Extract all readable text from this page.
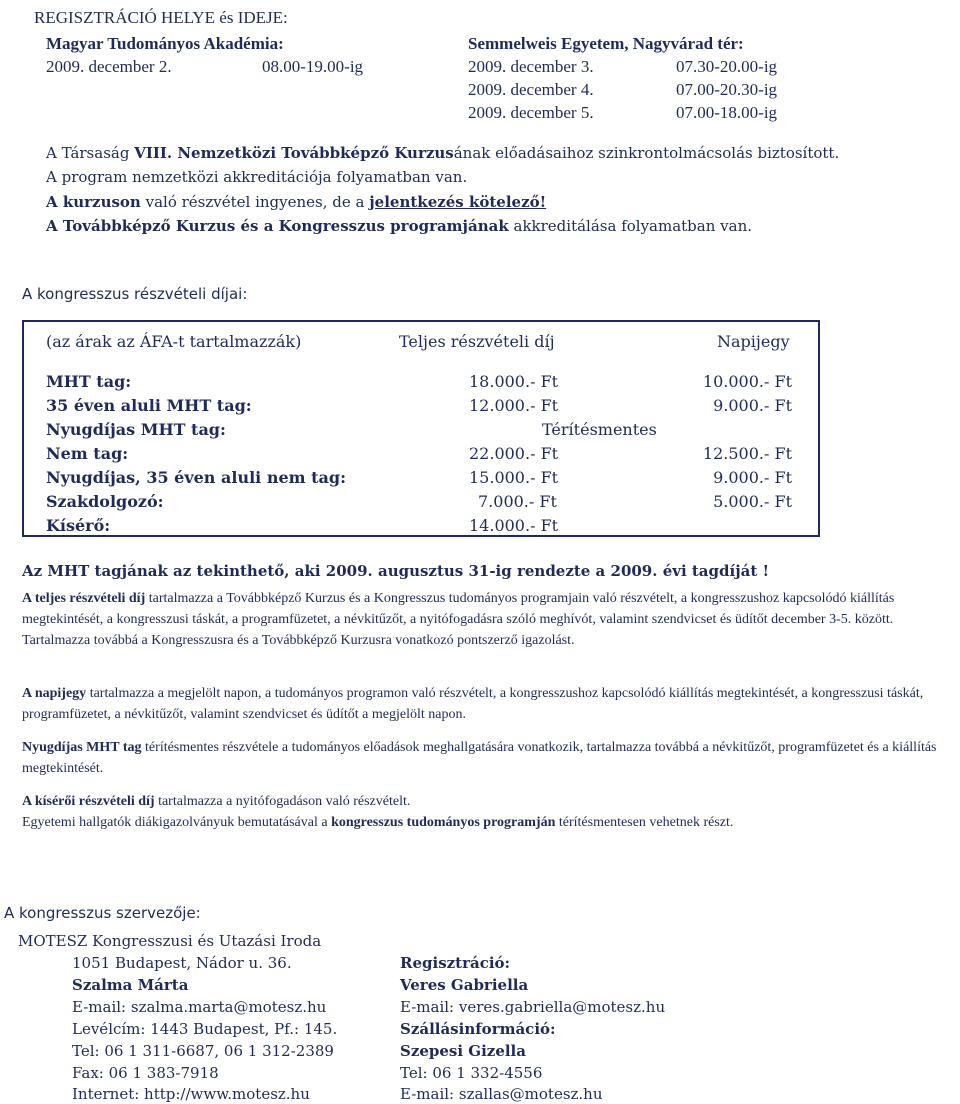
REGISZTRÁCIÓ HELYE és IDEJE:
Magyar Tudományos Akadémia:
2009. december 2.	08.00-19.00-ig
Semmelweis Egyetem, Nagyvárad tér:
2009. december 3.	07.30-20.00-ig
2009. december 4.	07.00-20.30-ig
2009. december 5.	07.00-18.00-ig
A Társaság VIII. Nemzetközi Továbbképző Kurzusának előadásaihoz szinkrontolmácsolás biztosított.
A program nemzetközi akkreditációja folyamatban van.
A kurzuson való részvétel ingyenes, de a jelentkezés kötelező!
A Továbbképző Kurzus és a Kongresszus programjának akkreditálása folyamatban van.
A kongresszus részvételi díjai:
(az árak az ÁFA-t tartalmazzák)	Teljes részvételi díj	Napijegy
MHT tag:	18.000.- Ft	10.000.- Ft
35 éven aluli MHT tag:	12.000.- Ft	9.000.- Ft
Nyugdíjas MHT tag:	Térítésmentes
Nem tag:	22.000.- Ft	12.500.- Ft
Nyugdíjas, 35 éven aluli nem tag:	15.000.- Ft	9.000.- Ft
Szakdolgozó:	7.000.- Ft	5.000.- Ft
Kísérő:	14.000.- Ft
Az MHT tagjának az tekinthető, aki 2009. augusztus 31-ig rendezte a 2009. évi tagdíját !
A teljes részvételi díj tartalmazza a Továbbképző Kurzus és a Kongresszus tudományos programjain való részvételt, a kongresszushoz kapcsolódó kiállítás megtekintését, a kongresszusi táskát, a programfüzetet, a névkitűzőt, a nyitófogadásra szóló meghívót, valamint szendvicset és üdítőt december 3-5. között. Tartalmazza továbbá a Kongresszusra és a Továbbképző Kurzusra vonatkozó pontszerző igazolást.
A napijegy tartalmazza a megjelölt napon, a tudományos programon való részvételt, a kongresszushoz kapcsolódó kiállítás megtekintését, a kongresszusi táskát, programfüzetet, a névkitűzőt, valamint szendvicset és üdítőt a megjelölt napon.
Nyugdíjas MHT tag térítésmentes részvétele a tudományos előadások meghallgatására vonatkozik, tartalmazza továbbá a névkitűzőt, programfüzetet és a kiállítás megtekintését.
A kísérői részvételi díj tartalmazza a nyitófogadáson való részvételt.
Egyetemi hallgatók diákigazolványuk bemutatásával a kongresszus tudományos programján térítésmentesen vehetnek részt.
A kongresszus szervezője:
MOTESZ Kongresszusi és Utazási Iroda
1051 Budapest, Nádor u. 36.
Szalma Márta
E-mail: szalma.marta@motesz.hu
Levélcím: 1443 Budapest, Pf.: 145.
Tel: 06 1 311-6687, 06 1 312-2389
Fax: 06 1 383-7918
Internet: http://www.motesz.hu
Regisztráció:
Veres Gabriella
E-mail: veres.gabriella@motesz.hu
Szállásinformáció:
Szepesi Gizella
Tel: 06 1 332-4556
E-mail: szallas@motesz.hu
